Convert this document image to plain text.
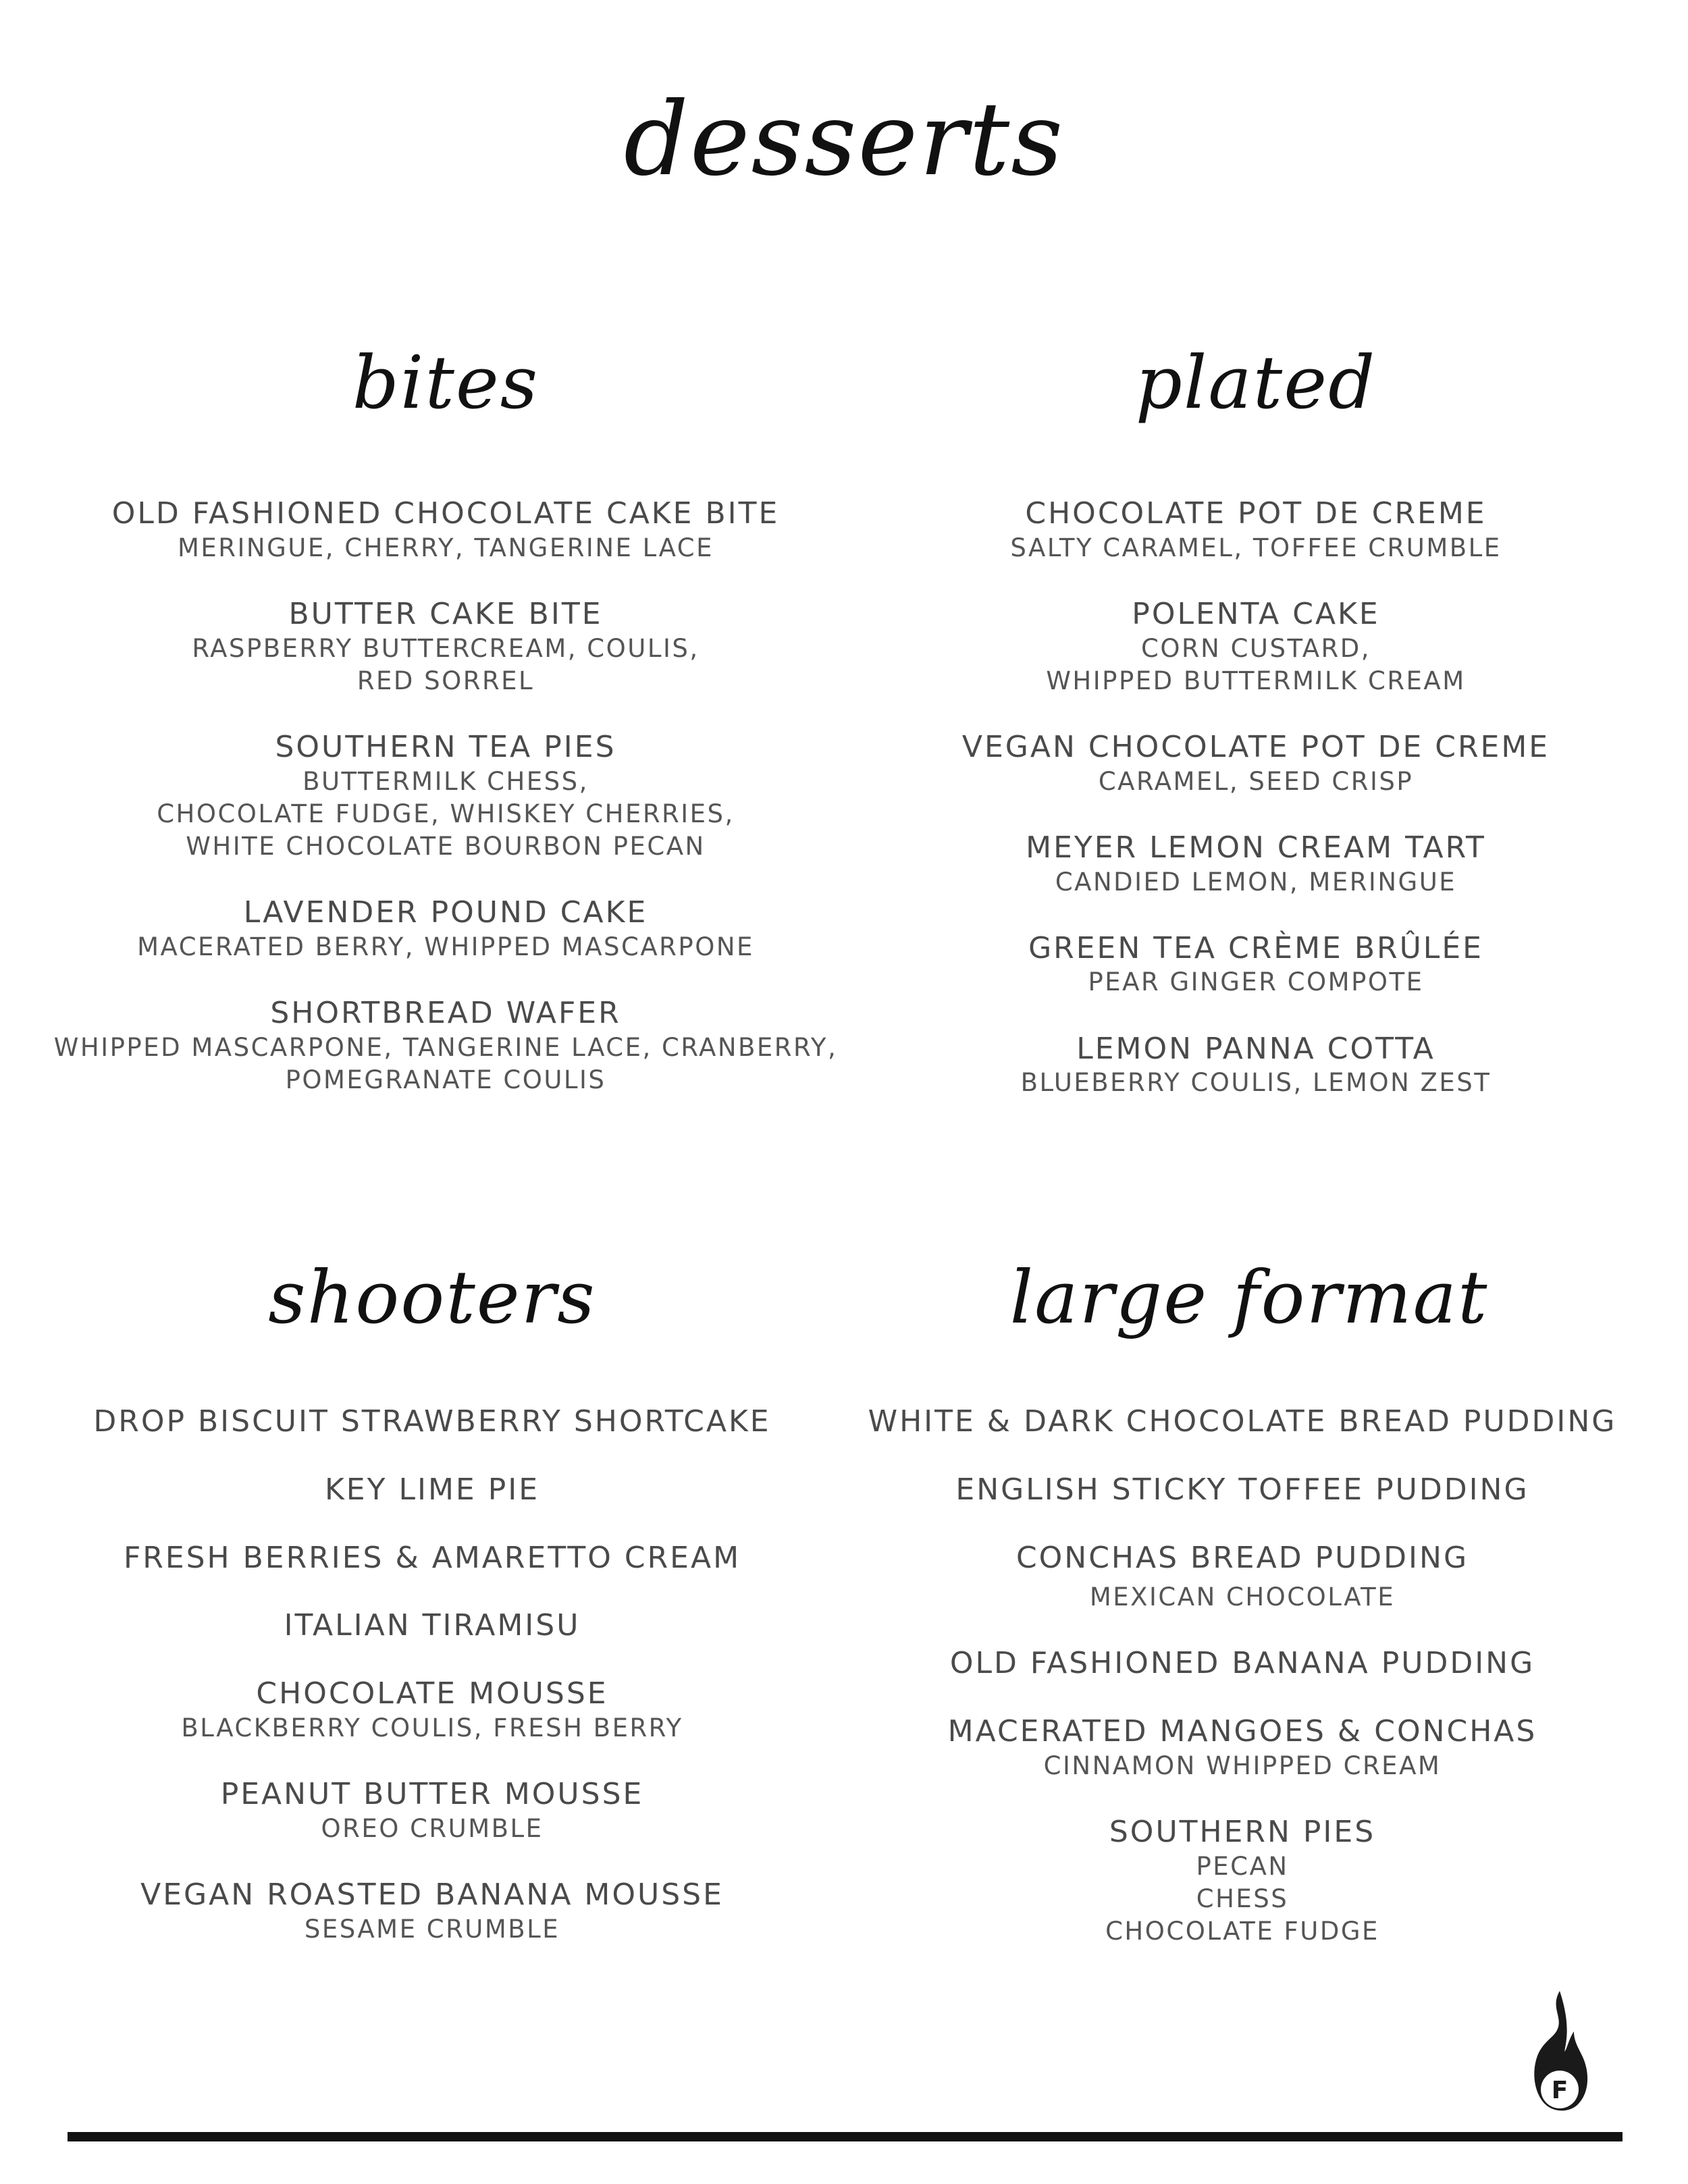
desserts
bites	plated
shooters	large format
OLD FASHIONED CHOCOLATE CAKE BITE
MERINGUE, CHERRY, TANGERINE LACE
BUTTER CAKE BITE
RASPBERRY BUTTERCREAM, COULIS,
RED SORREL
SOUTHERN TEA PIES
BUTTERMILK CHESS,
CHOCOLATE FUDGE, WHISKEY CHERRIES,
WHITE CHOCOLATE BOURBON PECAN
LAVENDER POUND CAKE
MACERATED BERRY, WHIPPED MASCARPONE
SHORTBREAD WAFER
WHIPPED MASCARPONE, TANGERINE LACE, CRANBERRY,
POMEGRANATE COULIS
CHOCOLATE POT DE CREME
SALTY CARAMEL, TOFFEE CRUMBLE
POLENTA CAKE
CORN CUSTARD,
WHIPPED BUTTERMILK CREAM
VEGAN CHOCOLATE POT DE CREME
CARAMEL, SEED CRISP
MEYER LEMON CREAM TART
CANDIED LEMON, MERINGUE
GREEN TEA CRÈME BRÛLÉE
PEAR GINGER COMPOTE
LEMON PANNA COTTA
BLUEBERRY COULIS, LEMON ZEST
DROP BISCUIT STRAWBERRY SHORTCAKE
KEY LIME PIE
FRESH BERRIES & AMARETTO CREAM
ITALIAN TIRAMISU
CHOCOLATE MOUSSE
BLACKBERRY COULIS, FRESH BERRY
PEANUT BUTTER MOUSSE
OREO CRUMBLE
VEGAN ROASTED BANANA MOUSSE
SESAME CRUMBLE
WHITE & DARK CHOCOLATE BREAD PUDDING
ENGLISH STICKY TOFFEE PUDDING
CONCHAS BREAD PUDDING
MEXICAN CHOCOLATE
OLD FASHIONED BANANA PUDDING
MACERATED MANGOES & CONCHAS
CINNAMON WHIPPED CREAM
SOUTHERN PIES
PECAN
CHESS
CHOCOLATE FUDGE
F
